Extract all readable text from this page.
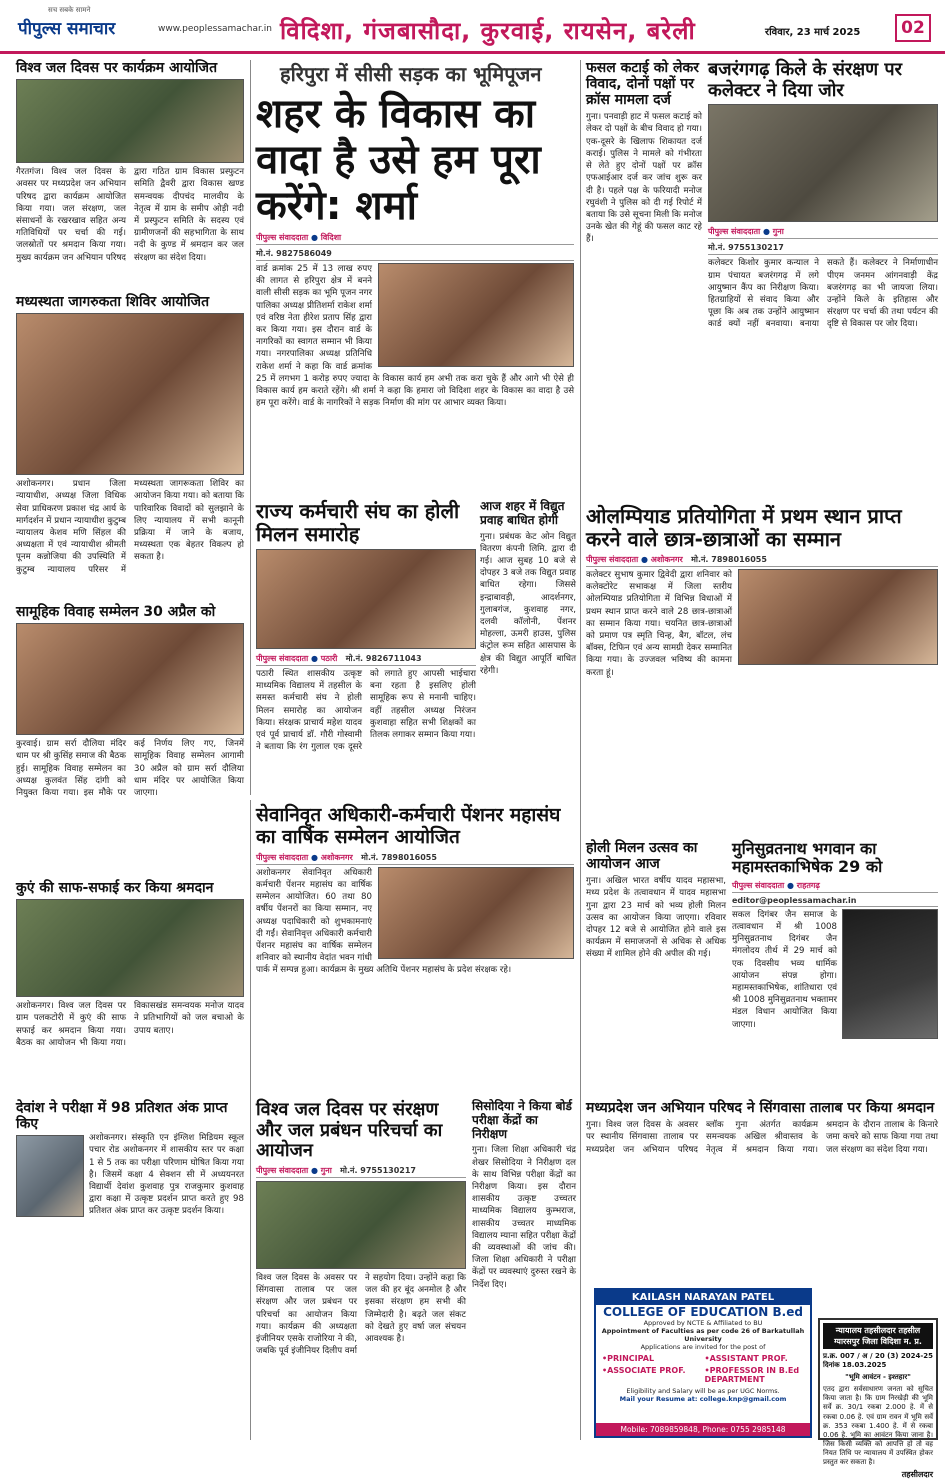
सच सबके सामने
पीपुल्स समाचार	www.peoplessamachar.in विदिशा, गंजबासौदा, कुरवाई, रायसेन, बरेली	रविवार, 23 मार्च 2025	02
विश्व जल दिवस पर कार्यक्रम आयोजित
गैरतगंज। विश्व जल दिवस के अवसर पर मध्यप्रदेश जन अभियान परिषद द्वारा कार्यक्रम आयोजित किया गया। जल संरक्षण, जल संसाधनों के रखरखाव सहित अन्य गतिविधियों पर चर्चा की गई। जलस्रोतों पर श्रमदान किया गया। मुख्य कार्यक्रम जन अभियान परिषद द्वारा गठित ग्राम विकास प्रस्फुटन समिति द्वैवरी द्वारा विकास खण्ड समन्वयक दीपचंद मालवीय के नेतृत्व में ग्राम के समीप ओड़ी नदी में प्रस्फुटन समिति के सदस्य एवं ग्रामीणजनों की सहभागिता के साथ नदी के कुण्ड में श्रमदान कर जल संरक्षण का संदेश दिया।
मध्यस्थता जागरुकता शिविर आयोजित
अशोकनगर। प्रधान जिला न्यायाधीश, अध्यक्ष जिला विधिक सेवा प्राधिकरण प्रकाश चंद्र आर्य के मार्गदर्शन में प्रधान न्यायाधीश कुटुम्ब न्यायालय केशव मणि सिंहल की अध्यक्षता में एवं न्यायाधीश श्रीमती पूनम कन्नोजिया की उपस्थिति में कुटुम्ब न्यायालय परिसर में मध्यस्थता जागरूकता शिविर का आयोजन किया गया। को बताया कि पारिवारिक विवादों को सुलझाने के लिए न्यायालय में सभी कानूनी प्रक्रिया में जाने के बजाय, मध्यस्थता एक बेहतर विकल्प हो सकता है।
सामूहिक विवाह सम्मेलन 30 अप्रैल को
कुरवाई। ग्राम सर्रा दौलिया मंदिर धाम पर श्री कुसिंह समाज की बैठक हुई। सामूहिक विवाह सम्मेलन का अध्यक्ष कुलवंत सिंह दांगी को नियुक्त किया गया। इस मौके पर कई निर्णय लिए गए, जिनमें सामूहिक विवाह सम्मेलन आगामी 30 अप्रैल को ग्राम सर्रा दौलिया धाम मंदिर पर आयोजित किया जाएगा।
कुएं की साफ-सफाई कर किया श्रमदान
अशोकनगर। विश्व जल दिवस पर ग्राम पलकटोरी में कुएं की साफ सफाई कर श्रमदान किया गया। बैठक का आयोजन भी किया गया। विकासखंड समन्वयक मनोज यादव ने प्रतिभागियों को जल बचाओ के उपाय बताए।
देवांश ने परीक्षा में 98 प्रतिशत अंक प्राप्त किए
अशोकनगर। संस्कृति एन इंग्लिश मिडियम स्कूल पचार रोड अशोकनगर में शासकीय स्तर पर कक्षा 1 से 5 तक का परीक्षा परिणाम घोषित किया गया है। जिसमें कक्षा 4 सेक्शन सी में अध्ययनरत विद्यार्थी देवांश कुशवाह पुत्र राजकुमार कुशवाह द्वारा कक्षा में उत्कृष्ट प्रदर्शन प्राप्त करते हुए 98 प्रतिशत अंक प्राप्त कर उत्कृष्ट प्रदर्शन किया।
हरिपुरा में सीसी सड़क का भूमिपूजन
शहर के विकास का वादा है उसे हम पूरा करेंगे: शर्मा
पीपुल्स संवाददाता ● विदिशा
मो.नं. 9827586049
वार्ड क्रमांक 25 में 13 लाख रुपए की लागत से हरिपुरा क्षेत्र में बनने वाली सीसी सड़क का भूमि पूजन नगर पालिका अध्यक्ष प्रीतिशर्मा राकेश शर्मा एवं वरिष्ठ नेता हीरेश प्रताप सिंह द्वारा कर किया गया। इस दौरान वार्ड के नागरिकों का स्वागत सम्मान भी किया गया। नगरपालिका अध्यक्ष प्रतिनिधि राकेश शर्मा ने कहा कि वार्ड क्रमांक 25 में लगभग 1 करोड़ रुपए ज्यादा के विकास कार्य हम अभी तक करा चुके हैं और आगे भी ऐसे ही विकास कार्य हम कराते रहेंगे। श्री शर्मा ने कहा कि हमारा जो विदिशा शहर के विकास का वादा है उसे हम पूरा करेंगे। वार्ड के नागरिकों ने सड़क निर्माण की मांग पर आभार व्यक्त किया।
फसल कटाई को लेकर विवाद, दोनों पक्षों पर क्रॉस मामला दर्ज
गुना। पनवाड़ी हाट में फसल कटाई को लेकर दो पक्षों के बीच विवाद हो गया। एक-दूसरे के खिलाफ शिकायत दर्ज कराई। पुलिस ने मामले को गंभीरता से लेते हुए दोनों पक्षों पर क्रॉस एफआईआर दर्ज कर जांच शुरू कर दी है। पहले पक्ष के फरियादी मनोज रघुवंशी ने पुलिस को दी गई रिपोर्ट में बताया कि उसे सूचना मिली कि मनोज उनके खेत की गेहूं की फसल काट रहे हैं।
बजरंगगढ़ किले के संरक्षण पर कलेक्टर ने दिया जोर
पीपुल्स संवाददाता ● गुना
मो.नं. 9755130217
कलेक्टर किशोर कुमार कन्याल ने ग्राम पंचायत बजरंगगढ़ में लगे आयुष्मान कैंप का निरीक्षण किया। हितग्राहियों से संवाद किया और पूछा कि अब तक उन्होंने आयुष्मान कार्ड क्यों नहीं बनवाया। बनाया सकते हैं। कलेक्टर ने निर्माणाधीन पीएम जनमन आंगनवाड़ी केंद्र बजरंगगढ़ का भी जायजा लिया। उन्होंने किले के इतिहास और संरक्षण पर चर्चा की तथा पर्यटन की दृष्टि से विकास पर जोर दिया।
राज्य कर्मचारी संघ का होली मिलन समारोह
पीपुल्स संवाददाता ● पठारी मो.नं. 9826711043
पठारी स्थित शासकीय उत्कृष्ट माध्यमिक विद्यालय में तहसील के समस्त कर्मचारी संघ ने होली मिलन समारोह का आयोजन किया। संरक्षक प्राचार्य महेश यादव एवं पूर्व प्राचार्य डॉ. गौरी गोस्वामी ने बताया कि रंग गुलाल एक दूसरे को लगाते हुए आपसी भाईचारा बना रहता है इसलिए होली सामूहिक रूप से मनानी चाहिए। वहीं तहसील अध्यक्ष निरंजन कुशवाहा सहित सभी शिक्षकों का तिलक लगाकर सम्मान किया गया।
आज शहर में विद्युत प्रवाह बाधित होगी
गुना। प्रबंधक केट ओन विद्युत वितरण कंपनी लिमि. द्वारा दी गई। आज सुबह 10 बजे से दोपहर 3 बजे तक विद्युत प्रवाह बाधित रहेगा। जिससे इन्द्राबावड़ी, आदर्शनगर, गुलाबगंज, कुशवाह नगर, दलवी कॉलोनी, पेंशनर मोहल्ला, ऊमरी हाउस, पुलिस कंट्रोल रूम सहित आसपास के क्षेत्र की विद्युत आपूर्ति बाधित रहेगी।
ओलम्पियाड प्रतियोगिता में प्रथम स्थान प्राप्त करने वाले छात्र-छात्राओं का सम्मान
पीपुल्स संवाददाता ● अशोकनगर मो.नं. 7898016055
कलेक्टर सुभाष कुमार द्विवेदी द्वारा शनिवार को कलेक्टोरेट सभाकक्ष में जिला स्तरीय ओलम्पियाड प्रतियोगिता में विभिन्न विधाओं में प्रथम स्थान प्राप्त करने वाले 28 छात्र-छात्राओं का सम्मान किया गया। चयनित छात्र-छात्राओं को प्रमाण पत्र स्मृति चिन्ह, बैग, बॉटल, लंच बॉक्स, टिफिन एवं अन्य सामग्री देकर सम्मानित किया गया। के उज्जवल भविष्य की कामना करता हूं।
सेवानिवृत अधिकारी-कर्मचारी पेंशनर महासंघ का वार्षिक सम्मेलन आयोजित
पीपुल्स संवाददाता ● अशोकनगर मो.नं. 7898016055
अशोकनगर सेवानिवृत अधिकारी कर्मचारी पेंशनर महासंघ का वार्षिक सम्मेलन आयोजित। 60 तथा 80 वर्षीय पेंशनरों का किया सम्मान, नए अध्यक्ष पदाधिकारी को शुभकामनाएं दी गईं। सेवानिवृत्त अधिकारी कर्मचारी पेंशनर महासंघ का वार्षिक सम्मेलन शनिवार को स्थानीय वेदांत भवन गांधी पार्क में सम्पन्न हुआ। कार्यक्रम के मुख्य अतिथि पेंशनर महासंघ के प्रदेश संरक्षक रहे।
होली मिलन उत्सव का आयोजन आज
गुना। अखिल भारत वर्षीय यादव महासभा, मध्य प्रदेश के तत्वावधान में यादव महासभा गुना द्वारा 23 मार्च को भव्य होली मिलन उत्सव का आयोजन किया जाएगा। रविवार दोपहर 12 बजे से आयोजित होने वाले इस कार्यक्रम में समाजजनों से अधिक से अधिक संख्या में शामिल होने की अपील की गई।
मुनिसुव्रतनाथ भगवान का महामस्तकाभिषेक 29 को
पीपुल्स संवाददाता ● राहतगढ़
editor@peoplessamachar.in
सकल दिगंबर जैन समाज के तत्वावधान में श्री 1008 मुनिसुव्रतनाथ दिगंबर जैन मंगलोदय तीर्थ में 29 मार्च को एक दिवसीय भव्य धार्मिक आयोजन संपन्न होगा। महामस्तकाभिषेक, शांतिधारा एवं श्री 1008 मुनिसुव्रतनाथ भक्तामर मंडल विधान आयोजित किया जाएगा।
विश्व जल दिवस पर संरक्षण और जल प्रबंधन परिचर्चा का आयोजन
पीपुल्स संवाददाता ● गुना मो.नं. 9755130217
विश्व जल दिवस के अवसर पर सिंगवासा तालाब पर जल संरक्षण और जल प्रबंधन पर परिचर्चा का आयोजन किया गया। कार्यक्रम की अध्यक्षता इंजीनियर एसके राजोरिया ने की, जबकि पूर्व इंजीनियर दिलीप वर्मा ने सहयोग दिया। उन्होंने कहा कि जल की हर बूंद अनमोल है और इसका संरक्षण हम सभी की जिम्मेदारी है। बढ़ते जल संकट को देखते हुए वर्षा जल संचयन आवश्यक है।
सिसोदिया ने किया बोर्ड परीक्षा केंद्रों का निरीक्षण
गुना। जिला शिक्षा अधिकारी चंद्र शेखर सिसोदिया ने निरीक्षण दल के साथ विभिन्न परीक्षा केंद्रों का निरीक्षण किया। इस दौरान शासकीय उत्कृष्ट उच्चतर माध्यमिक विद्यालय कुम्भराज, शासकीय उच्चतर माध्यमिक विद्यालय म्याना सहित परीक्षा केंद्रों की व्यवस्थाओं की जांच की। जिला शिक्षा अधिकारी ने परीक्षा केंद्रों पर व्यवस्थाएं दुरुस्त रखने के निर्देश दिए।
मध्यप्रदेश जन अभियान परिषद ने सिंगवासा तालाब पर किया श्रमदान
गुना। विश्व जल दिवस के अवसर पर स्थानीय सिंगवासा तालाब पर मध्यप्रदेश जन अभियान परिषद ब्लॉक गुना अंतर्गत कार्यक्रम समन्वयक अखिल श्रीवास्तव के नेतृत्व में श्रमदान किया गया। श्रमदान के दौरान तालाब के किनारे जमा कचरे को साफ किया गया तथा जल संरक्षण का संदेश दिया गया।
KAILASH NARAYAN PATEL
COLLEGE OF EDUCATION B.ed
Approved by NCTE & Affiliated to BU
Appointment of Faculties as per code 26 of Barkatullah University
Applications are invited for the post of
•PRINCIPAL	•ASSISTANT PROF.
•ASSOCIATE PROF.	•PROFESSOR IN B.Ed DEPARTMENT
Eligibility and Salary will be as per UGC Norms.
Mail your Resume at: college.knp@gmail.com
Mobile: 7089859848, Phone: 0755 2985148
न्यायालय तहसीलदार तहसील ग्यारसपुर जिला विदिशा म. प्र.
प्र.क्र. 007 / अ / 20 (3) 2024-25 दिनांक 18.03.2025
"भूमि आवंटन - इश्तहार"
एतद द्वारा सर्वसाधारण जनता को सूचित किया जाता है। कि ग्राम निरखेड़ी की भूमि सर्वे क्र. 30/1 रकबा 2.000 हे. में से रकबा 0.06 हे. एवं ग्राम रावन में भूमि सर्वे क्र. 353 रकबा 1.400 हे. में से रकबा 0.06 हे. भूमि का आवंटन किया जाना है। जिस किसी व्यक्ति को आपत्ति हो तो वह नियत तिथि पर न्यायालय में उपस्थित होकर प्रस्तुत कर सकता है।
तहसीलदार
